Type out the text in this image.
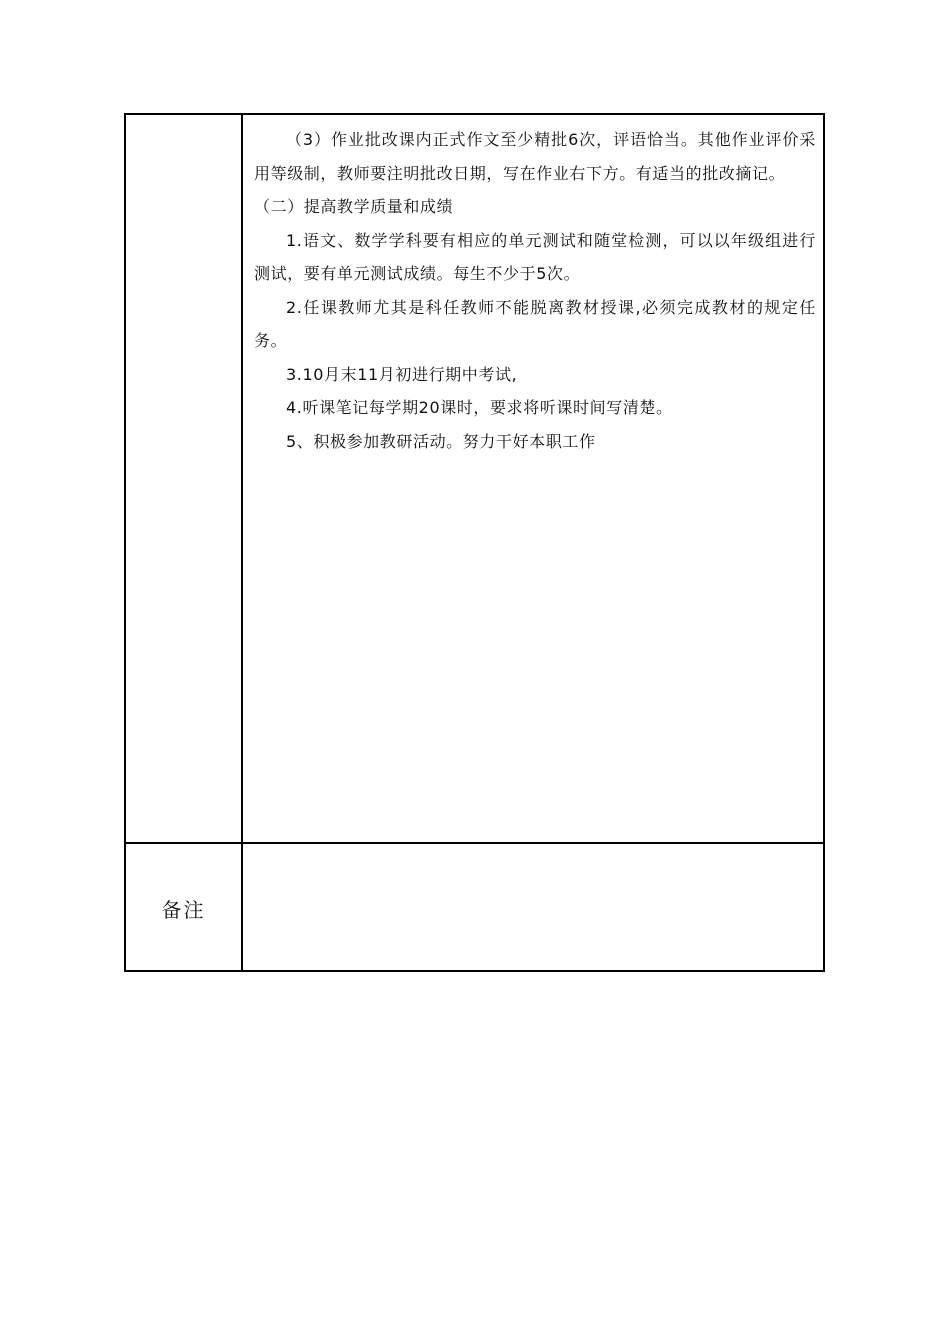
（3）作业批改课内正式作文至少精批6次，评语恰当。其他作业评价采用等级制，教师要注明批改日期，写在作业右下方。有适当的批改摘记。

（二）提高教学质量和成绩

1.语文、数学学科要有相应的单元测试和随堂检测，可以以年级组进行测试，要有单元测试成绩。每生不少于5次。

2.任课教师尤其是科任教师不能脱离教材授课,必须完成教材的规定任务。

3.10月末11月初进行期中考试,

4.听课笔记每学期20课时，要求将听课时间写清楚。

5、积极参加教研活动。努力干好本职工作

备注
